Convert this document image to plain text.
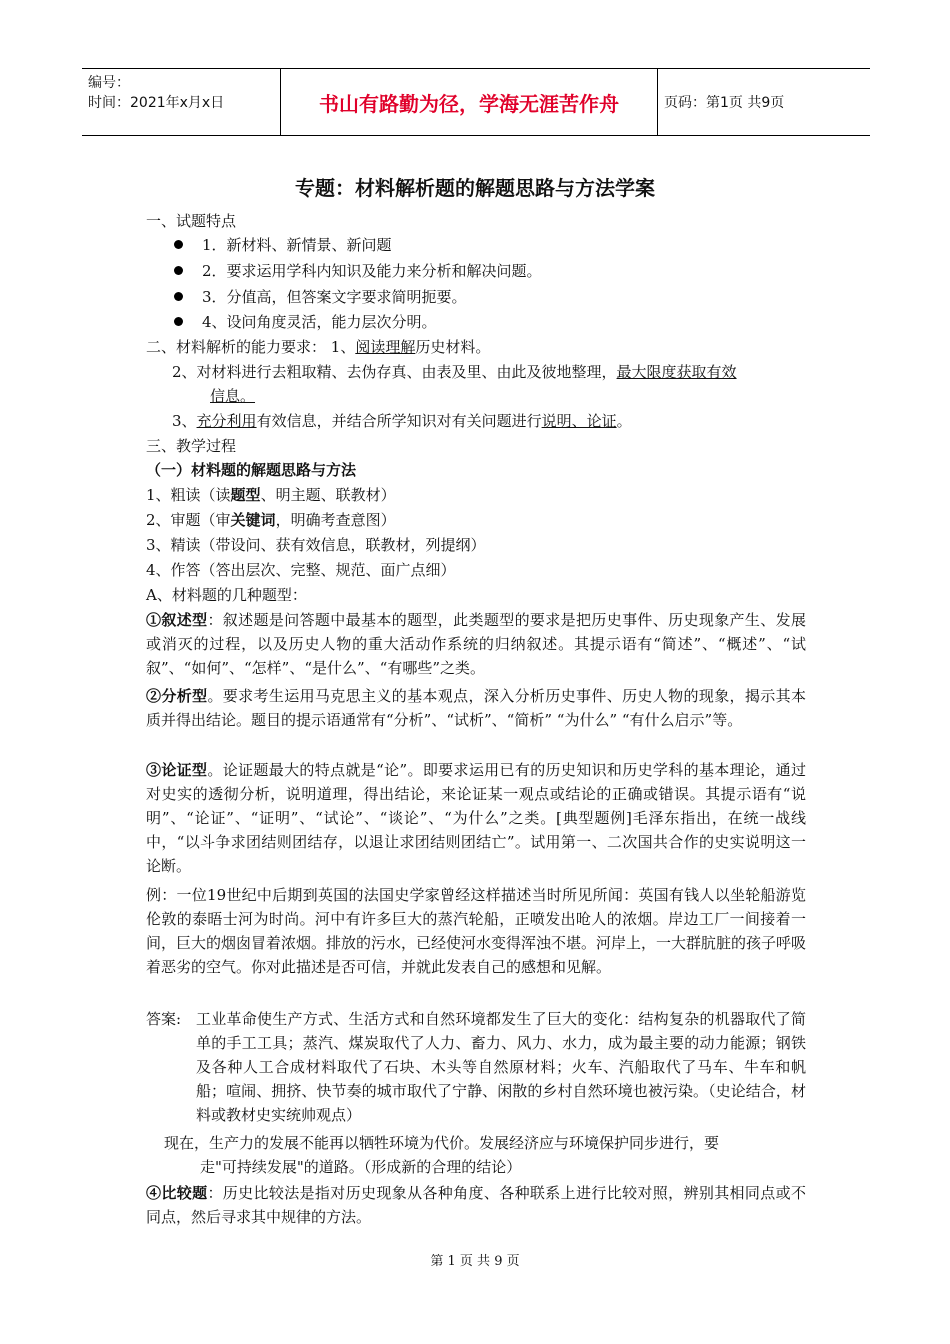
编号：
时间：2021年x月x日	书山有路勤为径，学海无涯苦作舟	页码：第1页 共9页
专题：材料解析题的解题思路与方法学案
一、试题特点
1．新材料、新情景、新问题
2．要求运用学科内知识及能力来分析和解决问题。
3．分值高，但答案文字要求简明扼要。
4、设问角度灵活，能力层次分明。
二、材料解析的能力要求： 1、阅读理解历史材料。
2、对材料进行去粗取精、去伪存真、由表及里、由此及彼地整理，最大限度获取有效
信息。
3、充分利用有效信息，并结合所学知识对有关问题进行说明、论证。
三、教学过程
（一）材料题的解题思路与方法
1、粗读（读题型、明主题、联教材）
2、审题（审关键词，明确考查意图）
3、精读（带设问、获有效信息，联教材，列提纲）
4、作答（答出层次、完整、规范、面广点细）
A、材料题的几种题型：
①叙述型：叙述题是问答题中最基本的题型，此类题型的要求是把历史事件、历史现象产生、发展或消灭的过程，以及历史人物的重大活动作系统的归纳叙述。其提示语有“简述”、“概述”、“试叙”、“如何”、“怎样”、“是什么”、“有哪些”之类。
②分析型。要求考生运用马克思主义的基本观点，深入分析历史事件、历史人物的现象，揭示其本质并得出结论。题目的提示语通常有“分析”、“试析”、“简析” “为什么” “有什么启示”等。
③论证型。论证题最大的特点就是“论”。即要求运用已有的历史知识和历史学科的基本理论，通过对史实的透彻分析，说明道理，得出结论，来论证某一观点或结论的正确或错误。其提示语有“说明”、“论证”、“证明”、“试论”、“谈论”、“为什么”之类。[典型题例]毛泽东指出，在统一战线中，“以斗争求团结则团结存，以退让求团结则团结亡”。试用第一、二次国共合作的史实说明这一论断。
例：一位19世纪中后期到英国的法国史学家曾经这样描述当时所见所闻：英国有钱人以坐轮船游览伦敦的泰晤士河为时尚。河中有许多巨大的蒸汽轮船，正喷发出呛人的浓烟。岸边工厂一间接着一间，巨大的烟囱冒着浓烟。排放的污水，已经使河水变得浑浊不堪。河岸上，一大群肮脏的孩子呼吸着恶劣的空气。你对此描述是否可信，并就此发表自己的感想和见解。
答案: 工业革命使生产方式、生活方式和自然环境都发生了巨大的变化：结构复杂的机器取代了简单的手工工具；蒸汽、煤炭取代了人力、畜力、风力、水力，成为最主要的动力能源；钢铁及各种人工合成材料取代了石块、木头等自然原材料；火车、汽船取代了马车、牛车和帆船；喧闹、拥挤、快节奏的城市取代了宁静、闲散的乡村自然环境也被污染。（史论结合，材料或教材史实统帅观点）
现在，生产力的发展不能再以牺牲环境为代价。发展经济应与环境保护同步进行，要
走"可持续发展"的道路。（形成新的合理的结论）
④比较题：历史比较法是指对历史现象从各种角度、各种联系上进行比较对照，辨别其相同点或不同点，然后寻求其中规律的方法。
第 1 页 共 9 页
